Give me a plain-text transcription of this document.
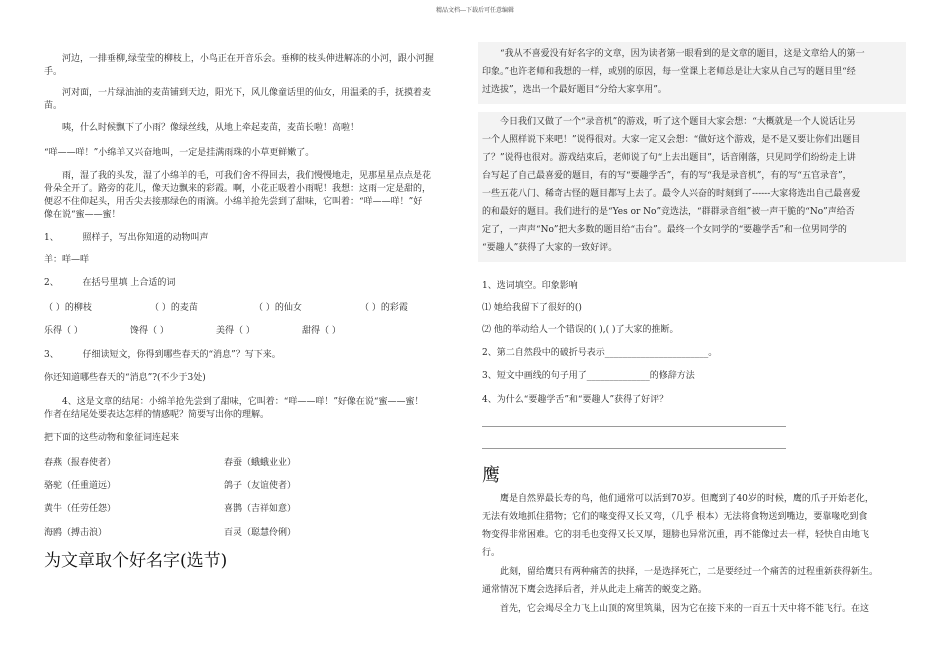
精品文档---下载后可任意编辑
河边，一排垂柳,绿莹莹的柳枝上，小鸟正在开音乐会。垂柳的枝头伸进解冻的小河，跟小河握
手。
河对面，一片绿油油的麦苗铺到天边，阳光下，风儿像童话里的仙女，用温柔的手，抚摸着麦
苗。
咦，什么时候飘下了小雨？像绿丝线，从地上牵起麦苗，麦苗长啦！高啦！
“咩——咩！”小绵羊又兴奋地叫，一定是挂满雨珠的小草更鲜嫩了。
雨，湿了我的头发，湿了小绵羊的毛，可我们舍不得回去，我们慢慢地走，见那星星点点是花
骨朵全开了。路旁的花儿，像天边飘来的彩霞。啊，小花正吸着小雨呢！我想：这雨一定是甜的，
便忍不住仰起头，用舌尖去接那绿色的雨滴。小绵羊抢先尝到了甜味，它叫着：“咩——咩！”好
像在说“蜜——蜜！
1、	照样子，写出你知道的动物叫声
羊：咩—咩
2、	在括号里填 上合适的词
（ ）的柳枝	（ ）的麦苗	（ ）的仙女	（ ）的彩霞
乐得（ ）	馋得（ ）	美得（ ）	甜得（ ）
3、	仔细读短文，你得到哪些春天的“消息”？写下来。
你还知道哪些春天的“消息”?(不少于3处)
4、这是文章的结尾：小绵羊抢先尝到了甜味，它叫着：“咩——咩！”好像在说“蜜——蜜！
作者在结尾处要表达怎样的情感呢？简要写出你的理解。
把下面的这些动物和象征词连起来
春燕（报春使者）	春蚕（蛾蛾业业）
骆驼（任重道远）	鸽子（友谊使者）
黄牛（任劳任怨）	喜鹊（吉祥如意）
海鸥（搏击浪）	百灵（聪慧伶俐）
为文章取个好名字(选节)
“我从不喜爱没有好名字的文章，因为读者第一眼看到的是文章的题目，这是文章给人的第一
印象。”也许老师和我想的一样，或别的原因，每一堂课上老师总是让大家从自己写的题目里“经
过选拔”，选出一个最好题目“分给大家享用”。
今日我们又做了一个“录音机”的游戏，听了这个题目大家会想：“大概就是一个人说话让另
一个人照样说下来吧！”说得很对。大家一定又会想：“做好这个游戏，是不是又要让你们出题目
了？”说得也很对。游戏结束后，老师说了句“上去出题目”，话音刚落，只见同学们纷纷走上讲
台写起了自己最喜爱的题目，有的写“要趣学舌”，有的写“我是录音机”，有的写“五官录音”，
一些五花八门、稀奇古怪的题目都写上去了。最令人兴奋的时刻到了------大家将选出自己最喜爱
的和最好的题目。我们进行的是“Yes or No”竞选法，“群群录音组”被一声干脆的“No”声给否
定了，一声声“No”把大多数的题目给“击台”。最终一个女同学的“要趣学舌”和一位男同学的
“要趣人”获得了大家的一致好评。
1、选词填空。印象影响
⑴ 她给我留下了很好的()
⑵ 他的举动给人一个错误的( ),( )了大家的推断。
2、第二自然段中的破折号表示_______________________。
3、短文中画线的句子用了______________的修辞方法
4、为什么“要趣学舌”和“要趣人”获得了好评？
鹰
鹰是自然界最长寿的鸟，他们通常可以活到70岁。但鹰到了40岁的时候，鹰的爪子开始老化，
无法有效地抓住猎物；它们的喙变得又长又弯，（几乎 根本）无法将食物送到嘴边，要靠喙吃到食
物变得非常困难。它的羽毛也变得又长又厚，翅膀也异常沉重，再不能像过去一样，轻快自由地飞
行。
此刻，留给鹰只有两种痛苦的抉择，一是选择死亡，二是要经过一个痛苦的过程重新获得新生。
通常情况下鹰会选择后者，并从此走上痛苦的蜕变之路。
首先，它会竭尽全力飞上山顶的窝里筑巢，因为它在接下来的一百五十天中将不能飞行。在这
